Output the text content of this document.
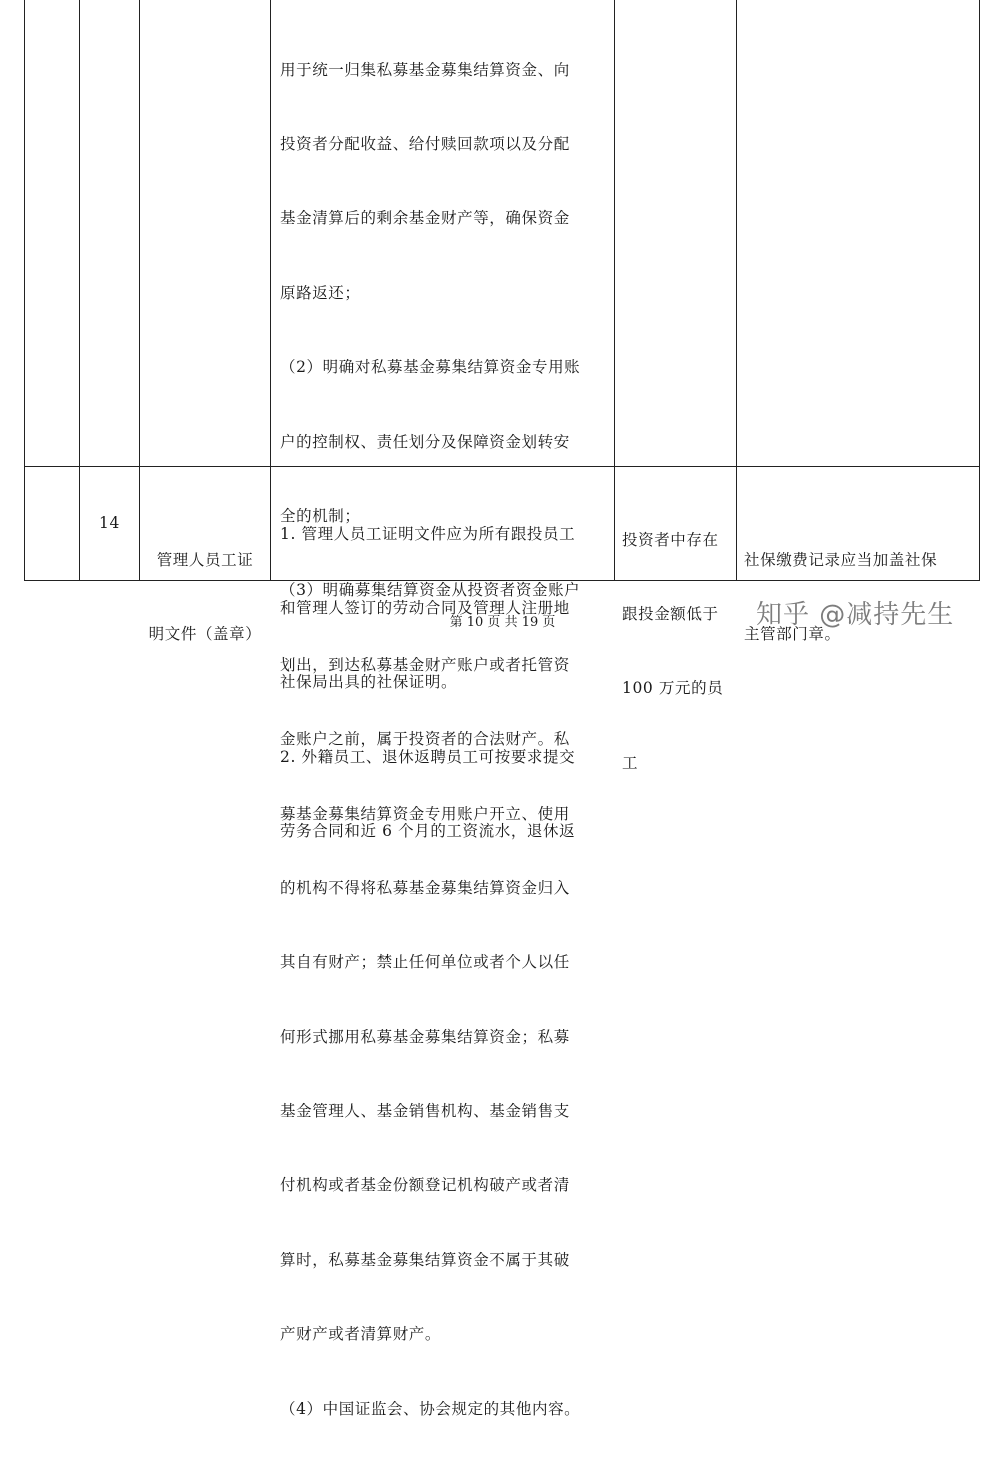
用于统一归集私募基金募集结算资金、向

投资者分配收益、给付赎回款项以及分配

基金清算后的剩余基金财产等，确保资金

原路返还；

（2）明确对私募基金募集结算资金专用账

户的控制权、责任划分及保障资金划转安

全的机制；

（3）明确募集结算资金从投资者资金账户

划出，到达私募基金财产账户或者托管资

金账户之前，属于投资者的合法财产。私

募基金募集结算资金专用账户开立、使用

的机构不得将私募基金募集结算资金归入

其自有财产；禁止任何单位或者个人以任

何形式挪用私募基金募集结算资金；私募

基金管理人、基金销售机构、基金销售支

付机构或者基金份额登记机构破产或者清

算时，私募基金募集结算资金不属于其破

产财产或者清算财产。

（4）中国证监会、协会规定的其他内容。

14

管理人员工证

明文件（盖章）

1. 管理人员工证明文件应为所有跟投员工

和管理人签订的劳动合同及管理人注册地

社保局出具的社保证明。

2. 外籍员工、退休返聘员工可按要求提交

劳务合同和近 6 个月的工资流水，退休返

投资者中存在

跟投金额低于

100 万元的员

工

社保缴费记录应当加盖社保

主管部门章。

第 10 页 共 19 页	知乎 @减持先生
